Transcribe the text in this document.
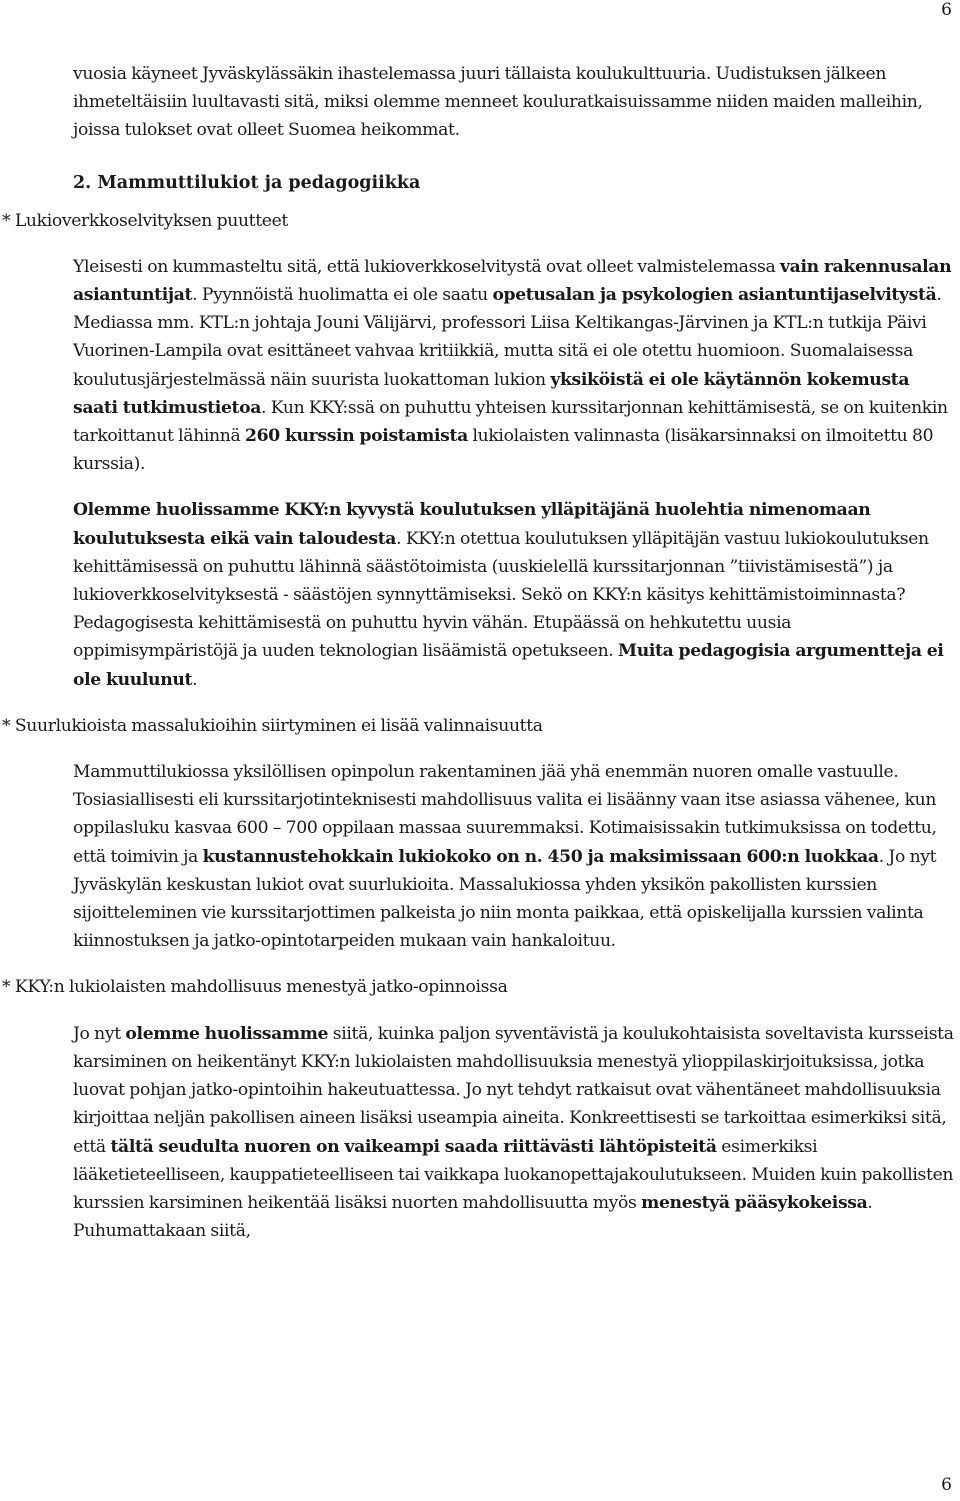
6

vuosia käyneet Jyväskylässäkin ihastelemassa juuri tällaista koulukulttuuria. Uudistuksen jälkeen ihmeteltäisiin luultavasti sitä, miksi olemme menneet kouluratkaisuissamme niiden maiden malleihin, joissa tulokset ovat olleet Suomea heikommat.

2. Mammuttilukiot ja pedagogiikka

* Lukioverkkoselvityksen puutteet

Yleisesti on kummasteltu sitä, että lukioverkkoselvitystä ovat olleet valmistelemassa vain rakennusalan asiantuntijat. Pyynnöistä huolimatta ei ole saatu opetusalan ja psykologien asiantuntijaselvitystä. Mediassa mm. KTL:n johtaja Jouni Välijärvi, professori Liisa Keltikangas-Järvinen ja KTL:n tutkija Päivi Vuorinen-Lampila ovat esittäneet vahvaa kritiikkiä, mutta sitä ei ole otettu huomioon. Suomalaisessa koulutusjärjestelmässä näin suurista luokattoman lukion yksiköistä ei ole käytännön kokemusta saati tutkimustietoa. Kun KKY:ssä on puhuttu yhteisen kurssitarjonnan kehittämisestä, se on kuitenkin tarkoittanut lähinnä 260 kurssin poistamista lukiolaisten valinnasta (lisäkarsinnaksi on ilmoitettu 80 kurssia).

Olemme huolissamme KKY:n kyvystä koulutuksen ylläpitäjänä huolehtia nimenomaan koulutuksesta eikä vain taloudesta. KKY:n otettua koulutuksen ylläpitäjän vastuu lukiokoulutuksen kehittämisessä on puhuttu lähinnä säästötoimista (uuskielellä kurssitarjonnan ”tiivistämisestä”) ja lukioverkkoselvityksestä - säästöjen synnyttämiseksi. Sekö on KKY:n käsitys kehittämistoiminnasta? Pedagogisesta kehittämisestä on puhuttu hyvin vähän. Etupäässä on hehkutettu uusia oppimisympäristöjä ja uuden teknologian lisäämistä opetukseen. Muita pedagogisia argumentteja ei ole kuulunut.

* Suurlukioista massalukioihin siirtyminen ei lisää valinnaisuutta

Mammuttilukiossa yksilöllisen opinpolun rakentaminen jää yhä enemmän nuoren omalle vastuulle. Tosiasiallisesti eli kurssitarjotinteknisesti mahdollisuus valita ei lisäänny vaan itse asiassa vähenee, kun oppilasluku kasvaa 600 – 700 oppilaan massaa suuremmaksi. Kotimaisissakin tutkimuksissa on todettu, että toimivin ja kustannustehokkain lukiokoko on n. 450 ja maksimissaan 600:n luokkaa. Jo nyt Jyväskylän keskustan lukiot ovat suurlukioita. Massalukiossa yhden yksikön pakollisten kurssien sijoitteleminen vie kurssitarjottimen palkeista jo niin monta paikkaa, että opiskelijalla kurssien valinta kiinnostuksen ja jatko-opintotarpeiden mukaan vain hankaloituu.

* KKY:n lukiolaisten mahdollisuus menestyä jatko-opinnoissa

Jo nyt olemme huolissamme siitä, kuinka paljon syventävistä ja koulukohtaisista soveltavista kursseista karsiminen on heikentänyt KKY:n lukiolaisten mahdollisuuksia menestyä ylioppilaskirjoituksissa, jotka luovat pohjan jatko-opintoihin hakeutuattessa. Jo nyt tehdyt ratkaisut ovat vähentäneet mahdollisuuksia kirjoittaa neljän pakollisen aineen lisäksi useampia aineita. Konkreettisesti se tarkoittaa esimerkiksi sitä, että tältä seudulta nuoren on vaikeampi saada riittävästi lähtöpisteitä esimerkiksi lääketieteelliseen, kauppatieteelliseen tai vaikkapa luokanopettajakoulutukseen. Muiden kuin pakollisten kurssien karsiminen heikentää lisäksi nuorten mahdollisuutta myös menestyä pääsykokeissa. Puhumattakaan siitä,

6
